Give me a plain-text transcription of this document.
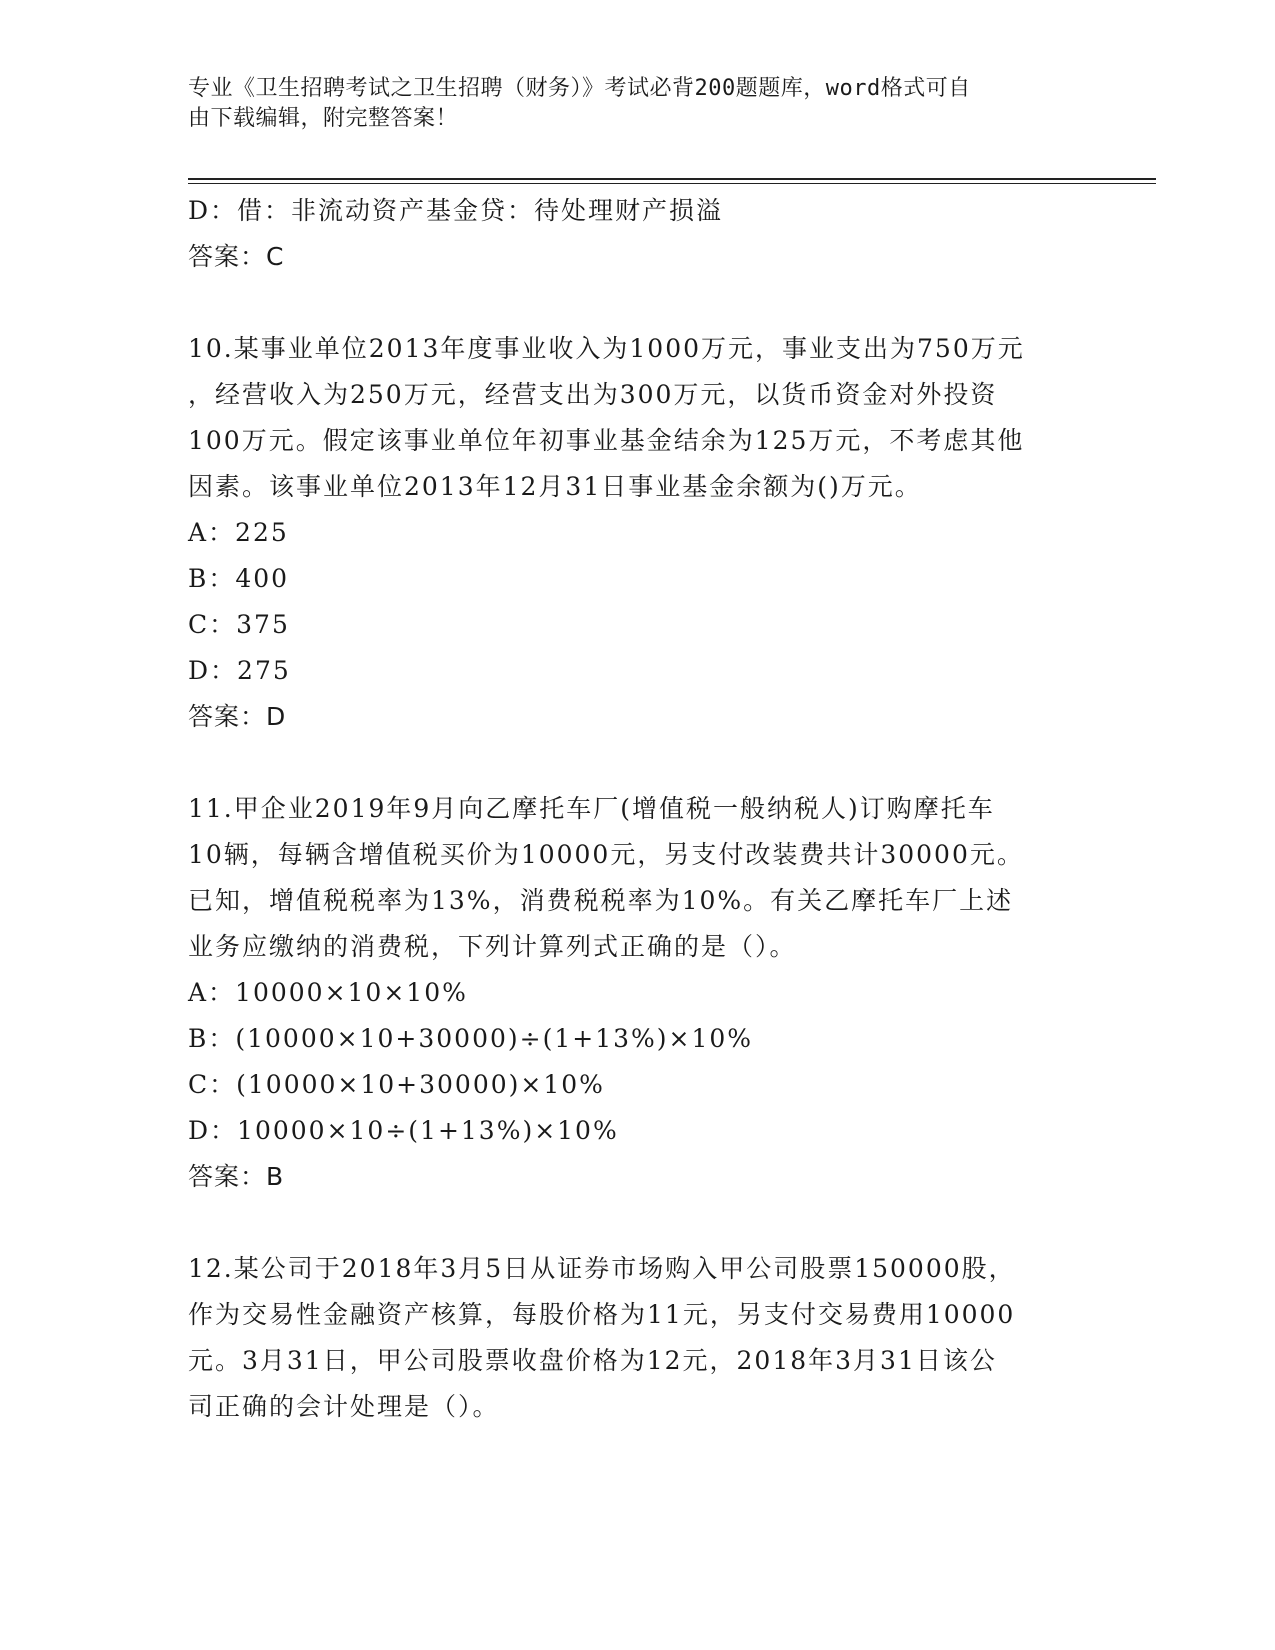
专业《卫生招聘考试之卫生招聘（财务）》考试必背200题题库，word格式可自
由下载编辑，附完整答案！
D：借：非流动资产基金贷：待处理财产损溢
答案：C
10.某事业单位2013年度事业收入为1000万元，事业支出为750万元
，经营收入为250万元，经营支出为300万元，以货币资金对外投资
100万元。假定该事业单位年初事业基金结余为125万元，不考虑其他
因素。该事业单位2013年12月31日事业基金余额为()万元。
A：225
B：400
C：375
D：275
答案：D
11.甲企业2019年9月向乙摩托车厂(增值税一般纳税人)订购摩托车
10辆，每辆含增值税买价为10000元，另支付改装费共计30000元。
已知，增值税税率为13%，消费税税率为10%。有关乙摩托车厂上述
业务应缴纳的消费税，下列计算列式正确的是（）。
A：10000×10×10%
B：(10000×10+30000)÷(1+13%)×10%
C：(10000×10+30000)×10%
D：10000×10÷(1+13%)×10%
答案：B
12.某公司于2018年3月5日从证券市场购入甲公司股票150000股，
作为交易性金融资产核算，每股价格为11元，另支付交易费用10000
元。3月31日，甲公司股票收盘价格为12元，2018年3月31日该公
司正确的会计处理是（）。
